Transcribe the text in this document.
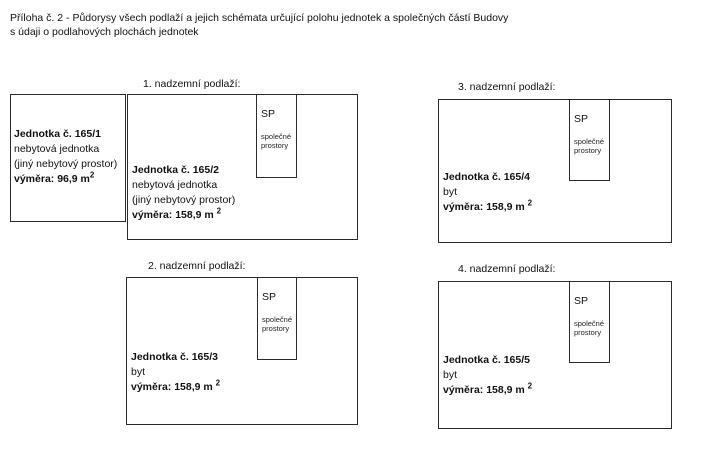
Příloha č. 2 - Půdorysy všech podlaží a jejich schémata určující polohu jednotek a společných částí Budovy
s údaji o podlahových plochách jednotek
1. nadzemní podlaží:
SP
společné
prostory
Jednotka č. 165/1
nebytová jednotka
(jiný nebytový prostor)
výměra: 96,9 $m^2$	Jednotka č. 165/2
nebytová jednotka
(jiný nebytový prostor)
výměra: 158,9 m $^2$
2. nadzemní podlaží:
SP
společné
prostory
Jednotka č. 165/3
byt
výměra: 158,9 m $^2$
3. nadzemní podlaží:
SP
společné
prostory
Jednotka č. 165/4
byt
výměra: 158,9 m $^2$
4. nadzemní podlaží:
SP
společné
prostory
Jednotka č. 165/5
byt
výměra: 158,9 m $^2$
